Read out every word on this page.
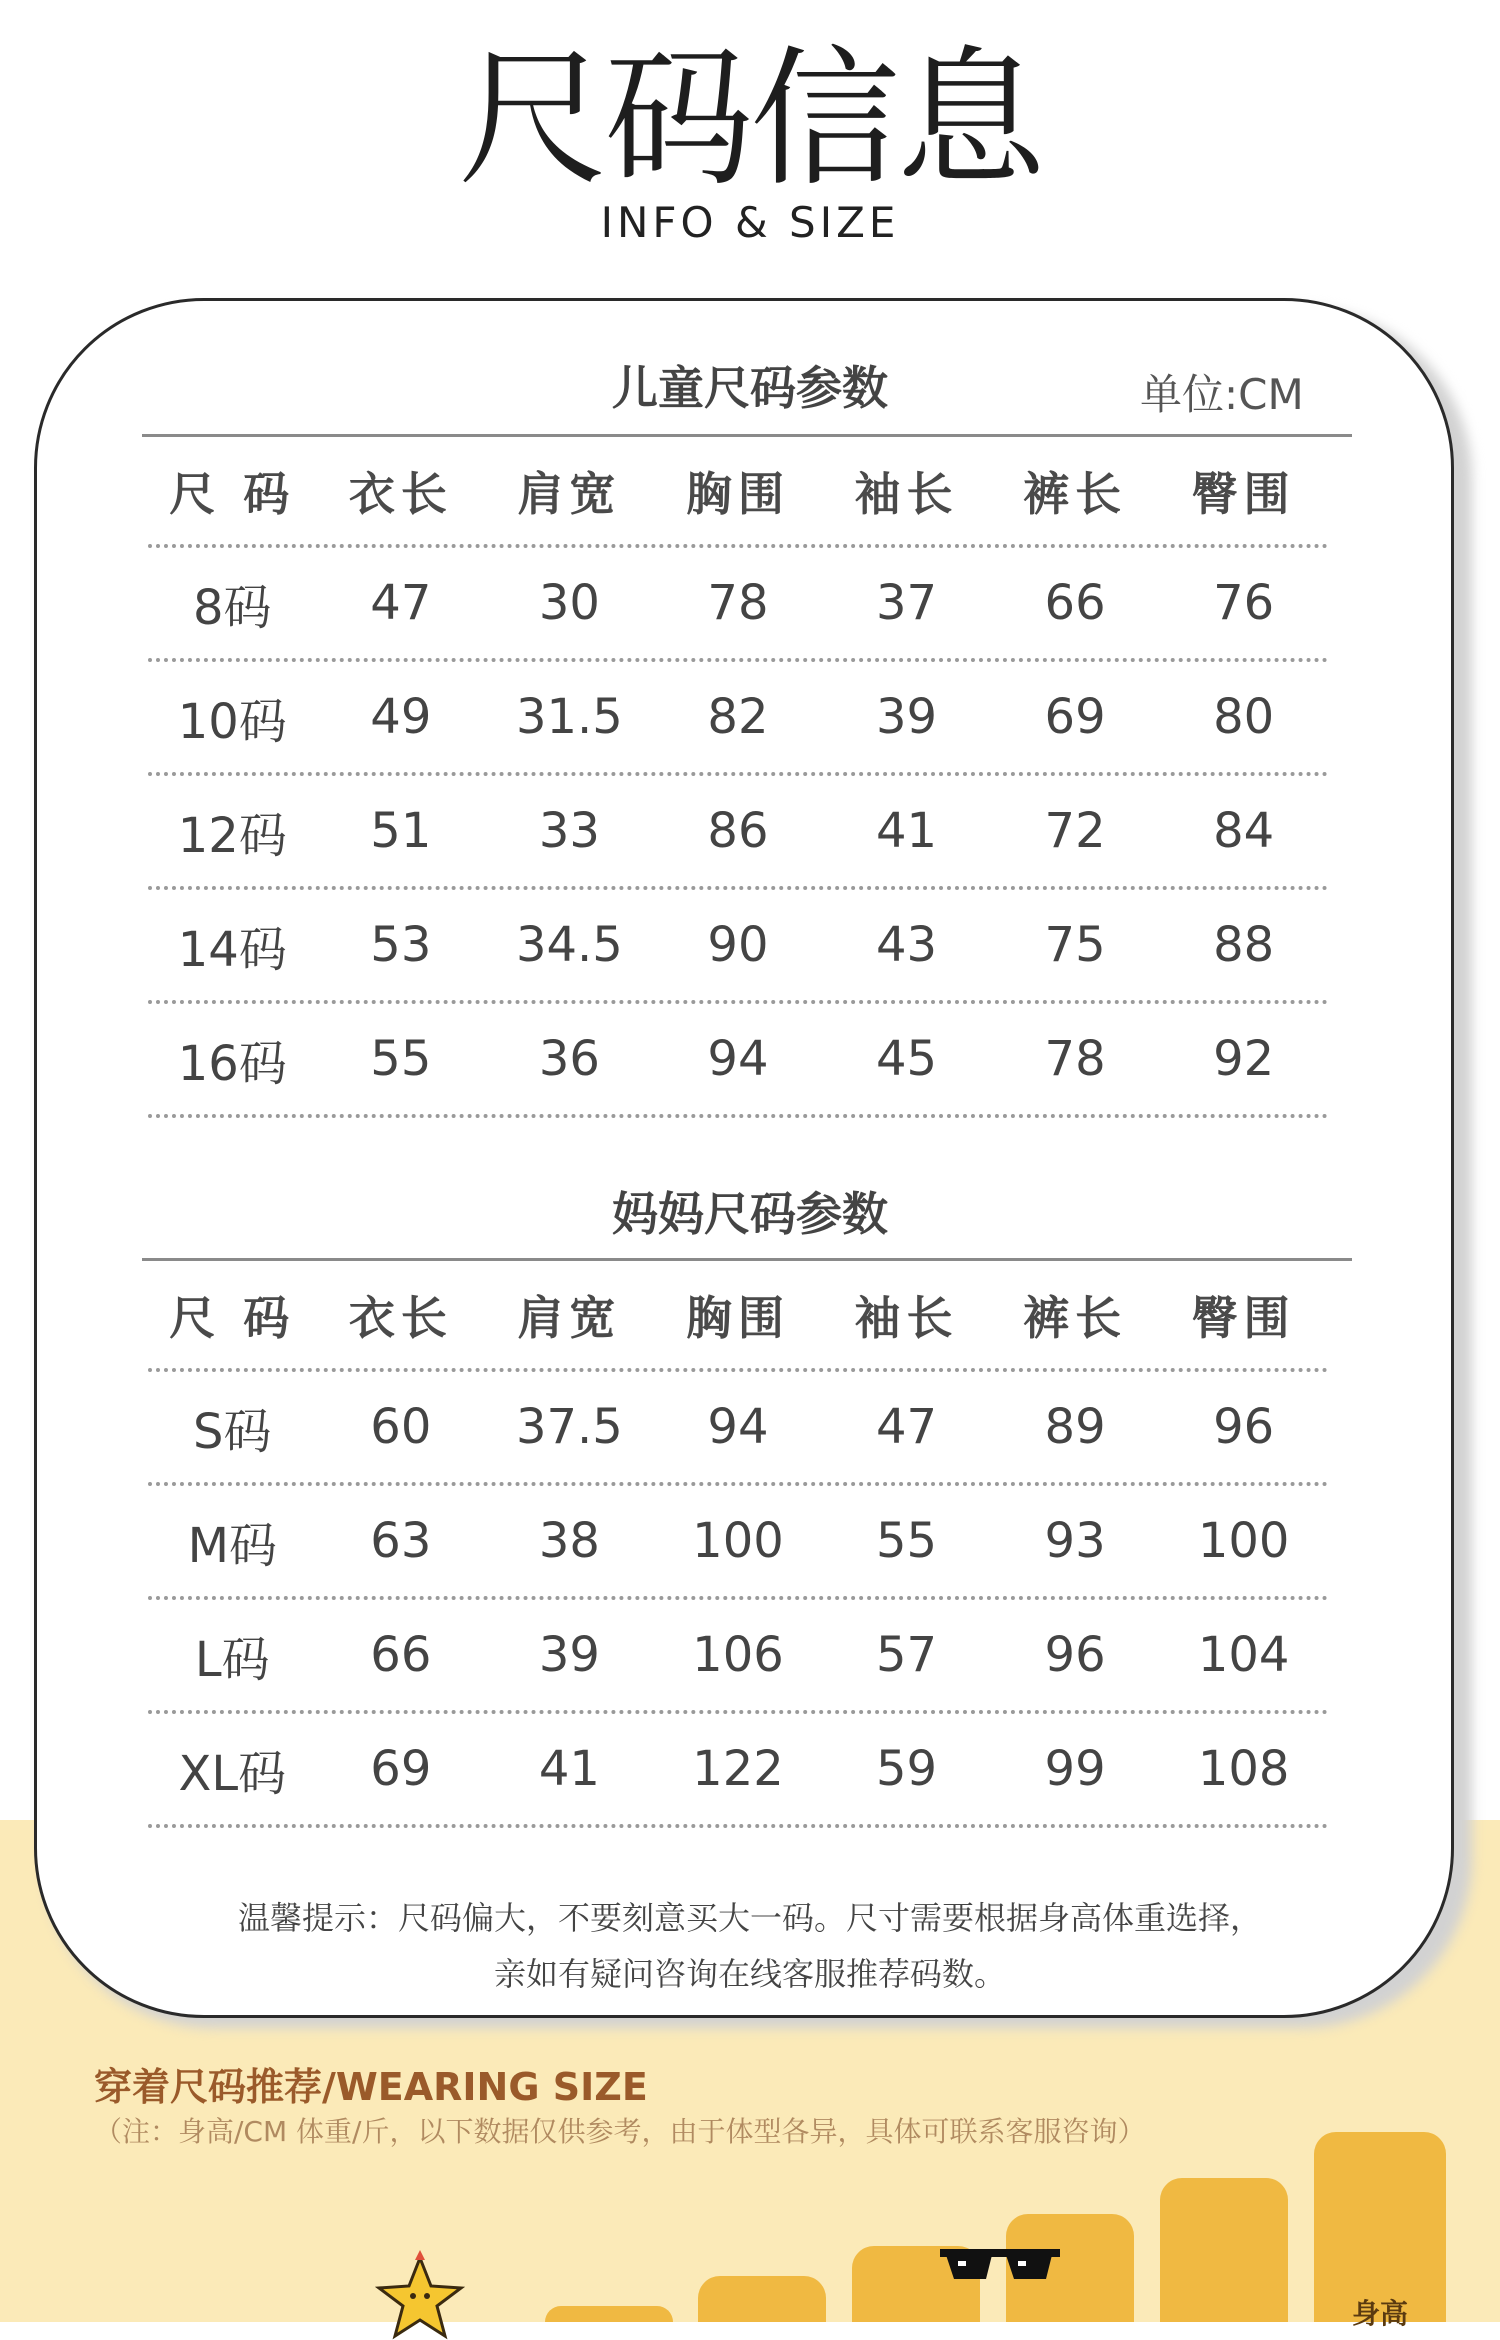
尺码信息
INFO & SIZE
儿童尺码参数	单位:CM
尺 码	衣长	肩宽	胸围	袖长	裤长	臀围
8码	47	30	78	37	66	76
10码	49	31.5	82	39	69	80
12码	51	33	86	41	72	84
14码	53	34.5	90	43	75	88
16码	55	36	94	45	78	92
妈妈尺码参数
尺 码	衣长	肩宽	胸围	袖长	裤长	臀围
S码	60	37.5	94	47	89	96
M码	63	38	100	55	93	100
L码	66	39	106	57	96	104
XL码	69	41	122	59	99	108
温馨提示：尺码偏大，不要刻意买大一码。尺寸需要根据身高体重选择，
亲如有疑问咨询在线客服推荐码数。
穿着尺码推荐/WEARING SIZE
（注：身高/CM 体重/斤，以下数据仅供参考，由于体型各异，具体可联系客服咨询）
身高
